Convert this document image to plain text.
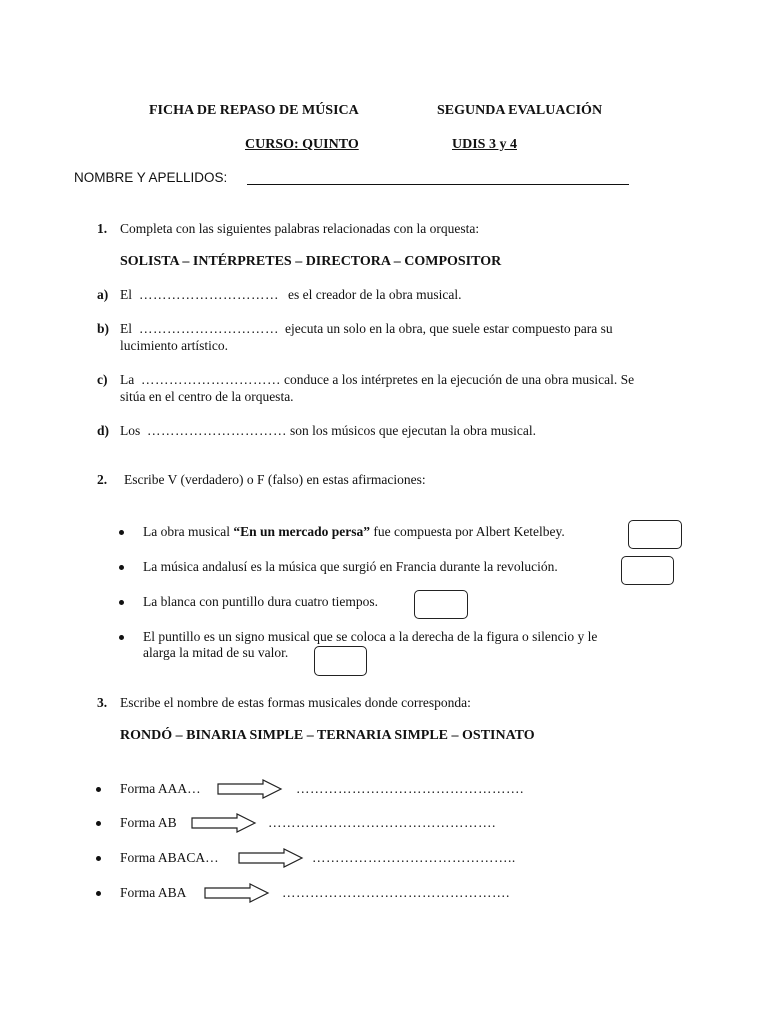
FICHA DE REPASO DE MÚSICA	SEGUNDA EVALUACIÓN
CURSO: QUINTO	UDIS 3 y 4
NOMBRE Y APELLIDOS:
1. Completa con las siguientes palabras relacionadas con la orquesta:
SOLISTA – INTÉRPRETES – DIRECTORA – COMPOSITOR
a) El ………………………… es el creador de la obra musical.
b) El ………………………… ejecuta un solo en la obra, que suele estar compuesto para su
lucimiento artístico.
c) La ………………………… conduce a los intérpretes en la ejecución de una obra musical. Se
sitúa en el centro de la orquesta.
d) Los ………………………… son los músicos que ejecutan la obra musical.
2. Escribe V (verdadero) o F (falso) en estas afirmaciones:
La obra musical “En un mercado persa” fue compuesta por Albert Ketelbey.
La música andalusí es la música que surgió en Francia durante la revolución.
La blanca con puntillo dura cuatro tiempos.
El puntillo es un signo musical que se coloca a la derecha de la figura o silencio y le
alarga la mitad de su valor.
3. Escribe el nombre de estas formas musicales donde corresponda:
RONDÓ – BINARIA SIMPLE – TERNARIA SIMPLE – OSTINATO
Forma AAA…	………………………………………….
Forma AB	………………………………………….
Forma ABACA…	……………………………………..
Forma ABA	………………………………………….
